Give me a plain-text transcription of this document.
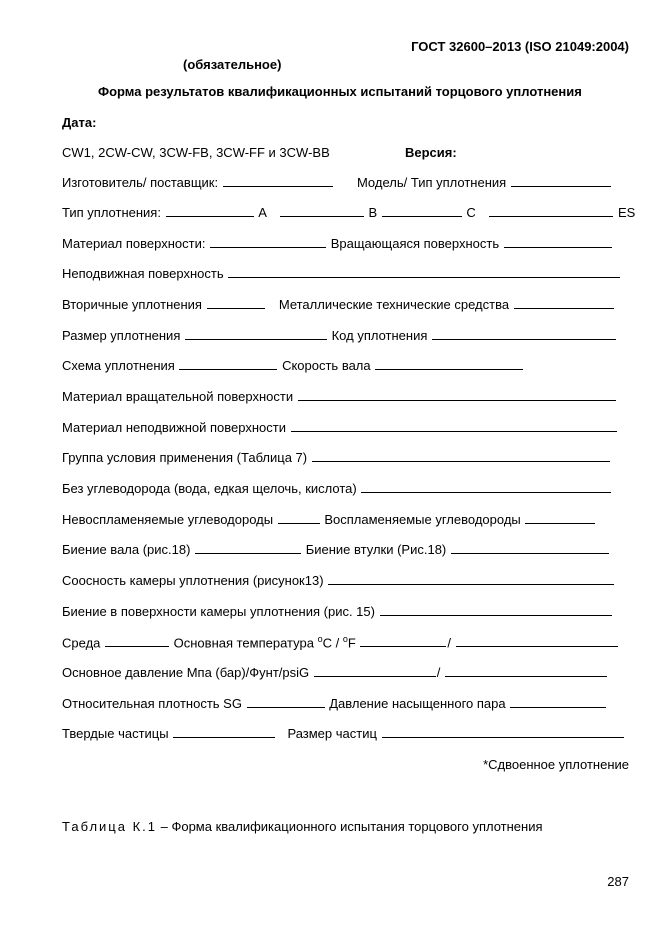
ГОСТ 32600–2013 (ISO 21049:2004)
(обязательное)
Форма результатов квалификационных испытаний торцового уплотнения
Дата:
CW1, 2CW-CW, 3CW-FB, 3CW-FF и 3CW-BB	Версия:
Изготовитель/ поставщик:	Модель/ Тип уплотнения
Тип уплотнения:	A	B	C	ES
Материал поверхности:	Вращающаяся поверхность
Неподвижная поверхность
Вторичные уплотнения	Металлические технические средства
Размер уплотнения	Код уплотнения
Схема уплотнения	Скорость вала
Материал вращательной поверхности
Материал неподвижной поверхности
Группа условия применения (Таблица 7)
Без углеводорода (вода, едкая щелочь, кислота)
Невоспламеняемые углеводороды	Воспламеняемые углеводороды
Биение вала (рис.18)	Биение втулки (Рис.18)
Соосность камеры уплотнения (рисунок13)
Биение в поверхности камеры уплотнения (рис. 15)
Среда	Основная температура $^o$C / $^o$F	/
Основное давление Мпа (бар)/Фунт/psiG	/
Относительная плотность SG	Давление насыщенного пара
Твердые частицы	Размер частиц
*Сдвоенное уплотнение
Таблица К.1 – Форма квалификационного испытания торцового уплотнения
287
